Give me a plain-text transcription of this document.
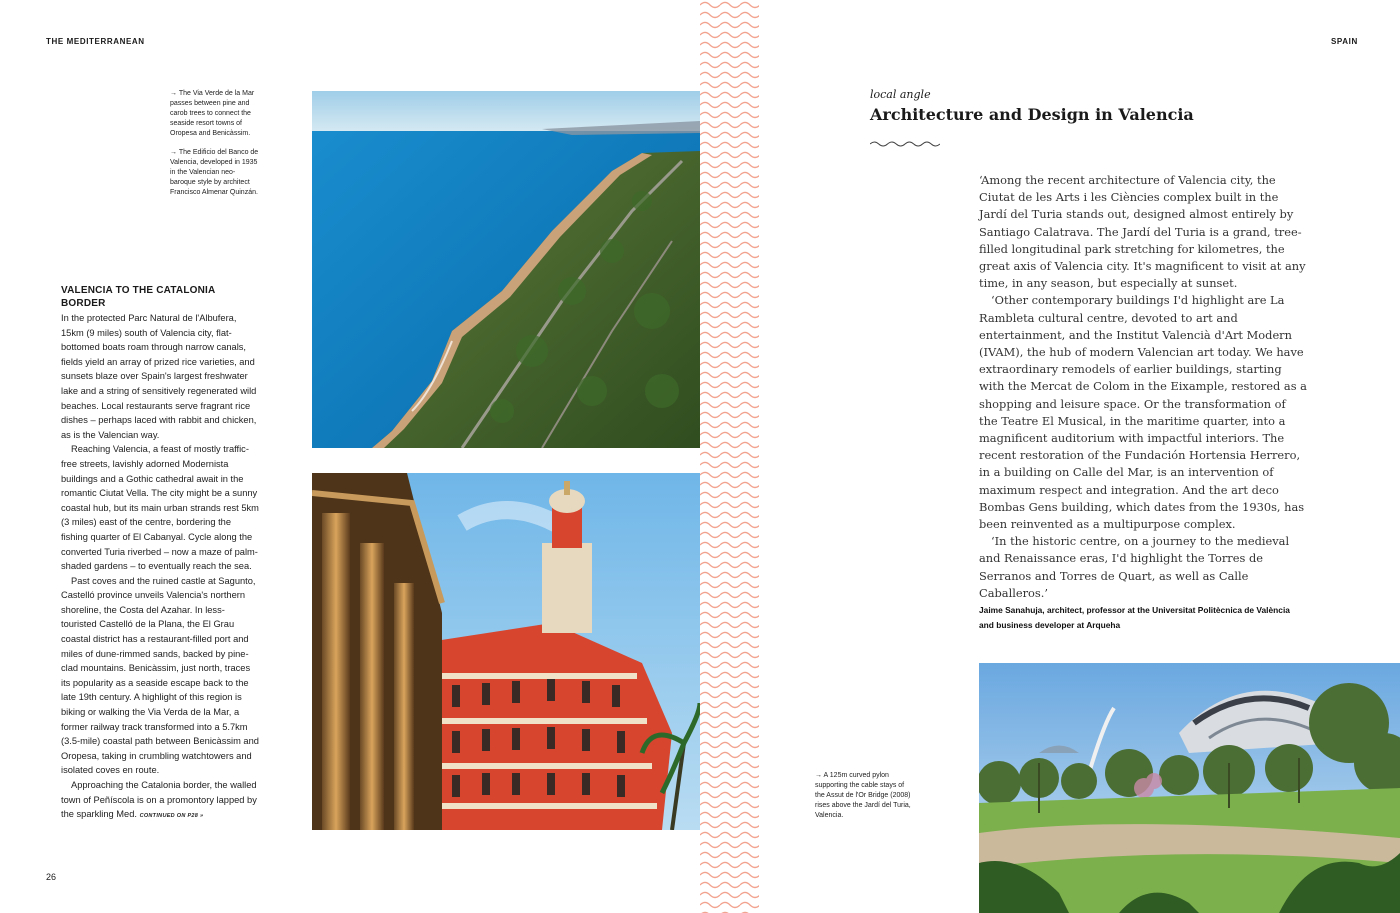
THE MEDITERRANEAN

→ The Via Verde de la Mar passes between pine and carob trees to connect the seaside resort towns of Oropesa and Benicàssim.

→ The Edificio del Banco de Valencia, developed in 1935 in the Valencian neo-baroque style by architect Francisco Almenar Quinzán.

VALENCIA TO THE CATALONIA BORDER

In the protected Parc Natural de l'Albufera, 15km (9 miles) south of Valencia city, flat-bottomed boats roam through narrow canals, fields yield an array of prized rice varieties, and sunsets blaze over Spain's largest freshwater lake and a string of sensitively regenerated wild beaches. Local restaurants serve fragrant rice dishes – perhaps laced with rabbit and chicken, as is the Valencian way.

Reaching Valencia, a feast of mostly traffic-free streets, lavishly adorned Modernista buildings and a Gothic cathedral await in the romantic Ciutat Vella. The city might be a sunny coastal hub, but its main urban strands rest 5km (3 miles) east of the centre, bordering the fishing quarter of El Cabanyal. Cycle along the converted Turia riverbed – now a maze of palm-shaded gardens – to eventually reach the sea.

Past coves and the ruined castle at Sagunto, Castelló province unveils Valencia's northern shoreline, the Costa del Azahar. In less-touristed Castelló de la Plana, the El Grau coastal district has a restaurant-filled port and miles of dune-rimmed sands, backed by pine-clad mountains. Benicàssim, just north, traces its popularity as a seaside escape back to the late 19th century. A highlight of this region is biking or walking the Via Verda de la Mar, a former railway track transformed into a 5.7km (3.5-mile) coastal path between Benicàssim and Oropesa, taking in crumbling watchtowers and isolated coves en route.

Approaching the Catalonia border, the walled town of Peñíscola is on a promontory lapped by the sparkling Med. CONTINUED ON P28 »

26
SPAIN
local angle
Architecture and Design in Valencia

‘Among the recent architecture of Valencia city, the Ciutat de les Arts i les Ciències complex built in the Jardí del Turia stands out, designed almost entirely by Santiago Calatrava. The Jardí del Turia is a grand, tree-filled longitudinal park stretching for kilometres, the great axis of Valencia city. It's magnificent to visit at any time, in any season, but especially at sunset.

‘Other contemporary buildings I'd highlight are La Rambleta cultural centre, devoted to art and entertainment, and the Institut Valencià d'Art Modern (IVAM), the hub of modern Valencian art today. We have extraordinary remodels of earlier buildings, starting with the Mercat de Colom in the Eixample, restored as a shopping and leisure space. Or the transformation of the Teatre El Musical, in the maritime quarter, into a magnificent auditorium with impactful interiors. The recent restoration of the Fundación Hortensia Herrero, in a building on Calle del Mar, is an intervention of maximum respect and integration. And the art deco Bombas Gens building, which dates from the 1930s, has been reinvented as a multipurpose complex.

‘In the historic centre, on a journey to the medieval and Renaissance eras, I'd highlight the Torres de Serranos and Torres de Quart, as well as Calle Caballeros.’

Jaime Sanahuja, architect, professor at the Universitat Politècnica de València and business developer at Arqueha

→ A 125m curved pylon supporting the cable stays of the Assut de l'Or Bridge (2008) rises above the Jardí del Turia, Valencia.
